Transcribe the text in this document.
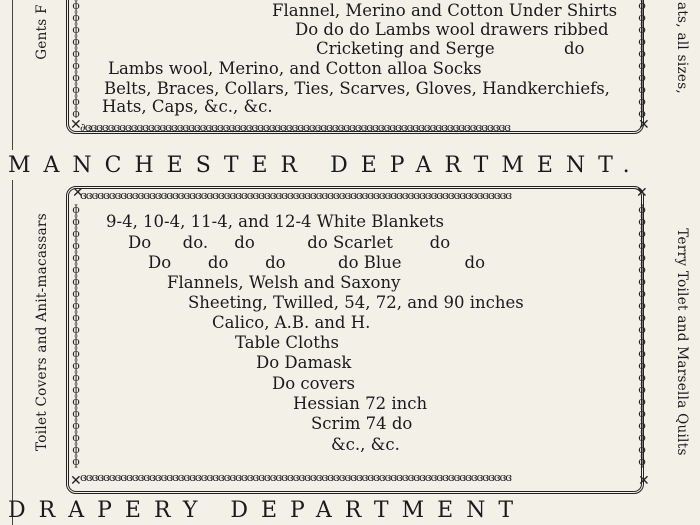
Gents F	ats, all sizes,
∂ɞɞɞɞɞɞɞɞɞɞɞɞɞɞɞɞɞɞɞɞɞɞɞɞɞɞɞɞɞɞɞɞɞɞɞɞɞɞɞɞɞɞɞɞɞɞɞɞɞɞɞɞɞɞɞɞɞɞɞɞɞɞɞɞɞɞɞɞɞɞɞɞɞɞ
ɸɸɸɸɸɸɸɸɸɸ
ɸɸɸɸɸɸɸɸɸɸ
✕	✕
Flannel, Merino and Cotton Under Shirts
Do do do Lambs wool drawers ribbed
Cricketing and Serge	do
Lambs wool, Merino, and Cotton alloa Socks
Belts, Braces, Collars, Ties, Scarves, Gloves, Handkerchiefs,
Hats, Caps, &c., &c.
MANCHESTER DEPARTMENT.
Toilet Covers and Anit-macassars	Terry Toilet and Marsella Quilts
ɞɞɞɞɞɞɞɞɞɞɞɞɞɞɞɞɞɞɞɞɞɞɞɞɞɞɞɞɞɞɞɞɞɞɞɞɞɞɞɞɞɞɞɞɞɞɞɞɞɞɞɞɞɞɞɞɞɞɞɞɞɞɞɞɞɞɞɞɞɞɞɞɞɞɞ
ɞɞɞɞɞɞɞɞɞɞɞɞɞɞɞɞɞɞɞɞɞɞɞɞɞɞɞɞɞɞɞɞɞɞɞɞɞɞɞɞɞɞɞɞɞɞɞɞɞɞɞɞɞɞɞɞɞɞɞɞɞɞɞɞɞɞɞɞɞɞɞɞɞɞɞ
ɸɸɸɸɸɸɸɸɸɸɸɸɸɸɸɸɸɸɸɸɸɸ
ɸɸɸɸɸɸɸɸɸɸɸɸɸɸɸɸɸɸɸɸɸɸ
✕	✕
✕	✕
9-4, 10-4, 11-4, and 12-4 White Blankets
Do      do.     do          do Scarlet       do
Do       do       do          do Blue            do
Flannels, Welsh and Saxony
Sheeting, Twilled, 54, 72, and 90 inches
Calico, A.B. and H.
Table Cloths
Do Damask
Do covers
Hessian 72 inch
Scrim 74 do
&c., &c.
DRAPERY DEPARTMENT
